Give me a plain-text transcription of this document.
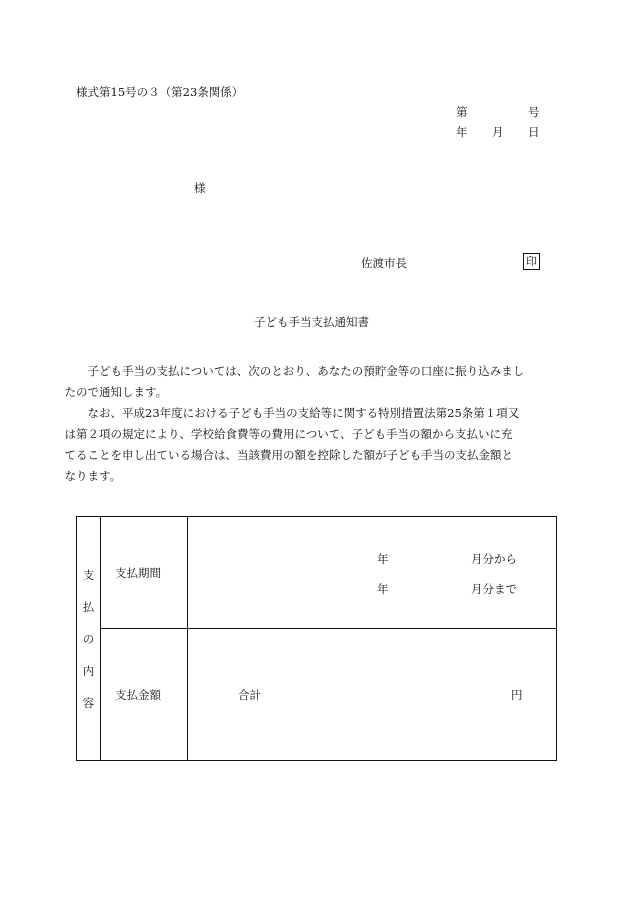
様式第15号の３（第23条関係）
第	号
年 月 日
様
佐渡市長	印
子ども手当支払通知書
子ども手当の支払については、次のとおり、あなたの預貯金等の口座に振り込みまし
たので通知します。
なお、平成23年度における子ども手当の支給等に関する特別措置法第25条第１項又
は第２項の規定により、学校給食費等の費用について、子ども手当の額から支払いに充
てることを申し出ている場合は、当該費用の額を控除した額が子ども手当の支払金額と
なります。
支
払
の
内
容	支払期間	年 月分から
年 月分まで

	支払金額	合計 円
